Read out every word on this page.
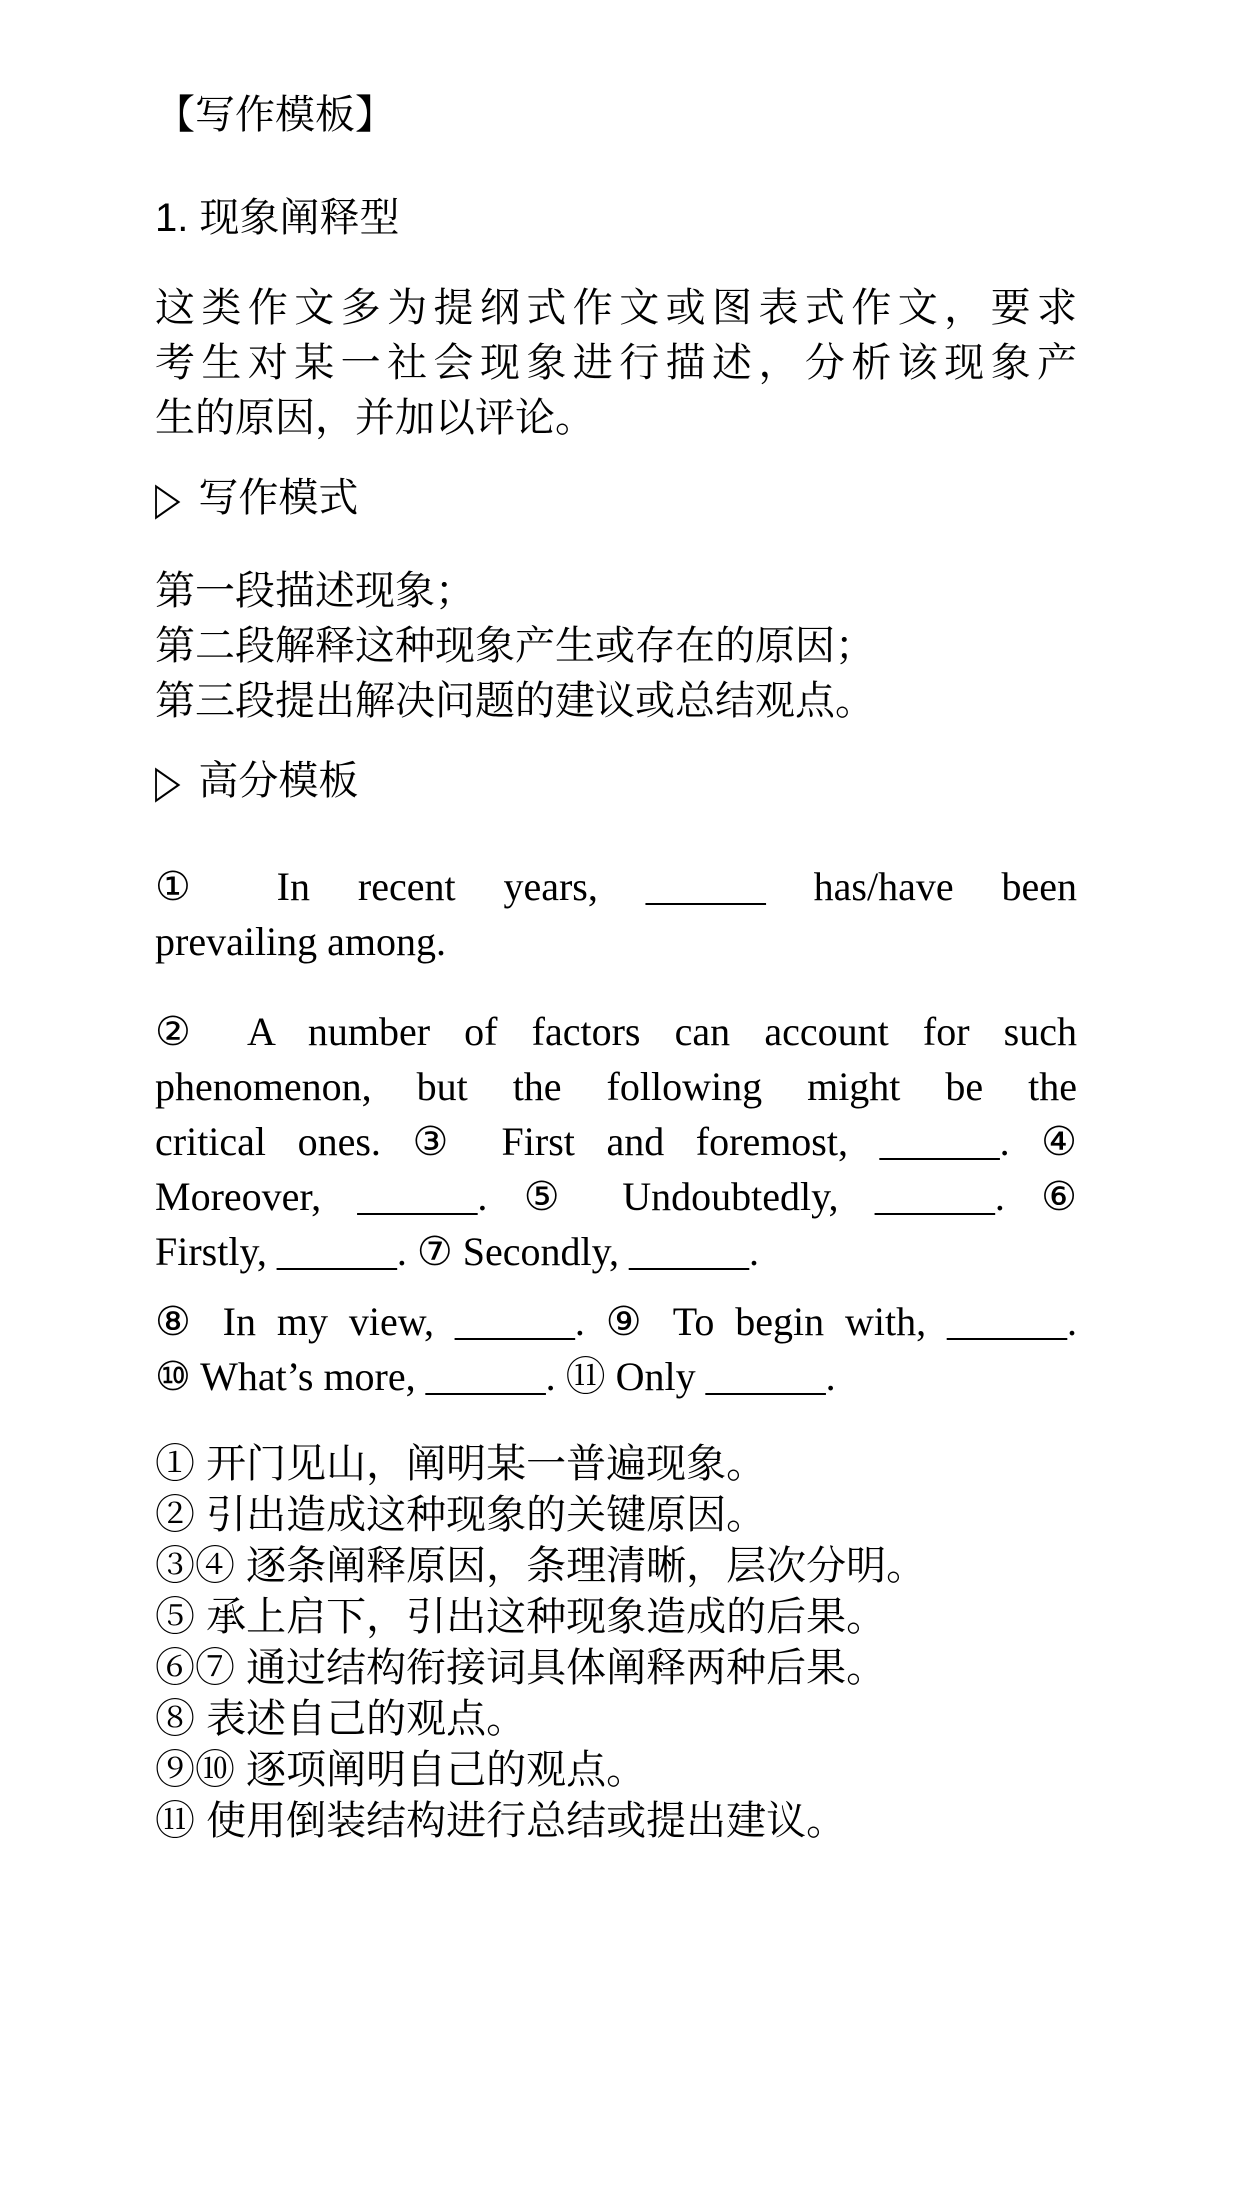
【写作模板】
1. 现象阐释型
这类作文多为提纲式作文或图表式作文，要求
考生对某一社会现象进行描述，分析该现象产
生的原因，并加以评论。
▷ 写作模式
第一段描述现象；
第二段解释这种现象产生或存在的原因；
第三段提出解决问题的建议或总结观点。
▷ 高分模板
① In recent years, ______ has/have been
prevailing among.
② A number of factors can account for such
phenomenon, but the following might be the
critical ones. ③ First and foremost, ______. ④
Moreover, ______. ⑤ Undoubtedly, ______. ⑥
Firstly, ______. ⑦ Secondly, ______.
⑧ In my view, ______. ⑨ To begin with, ______.
⑩ What’s more, ______. ⑪ Only ______.
① 开门见山，阐明某一普遍现象。
② 引出造成这种现象的关键原因。
③④ 逐条阐释原因，条理清晰，层次分明。
⑤ 承上启下，引出这种现象造成的后果。
⑥⑦ 通过结构衔接词具体阐释两种后果。
⑧ 表述自己的观点。
⑨⑩ 逐项阐明自己的观点。
⑪ 使用倒装结构进行总结或提出建议。
